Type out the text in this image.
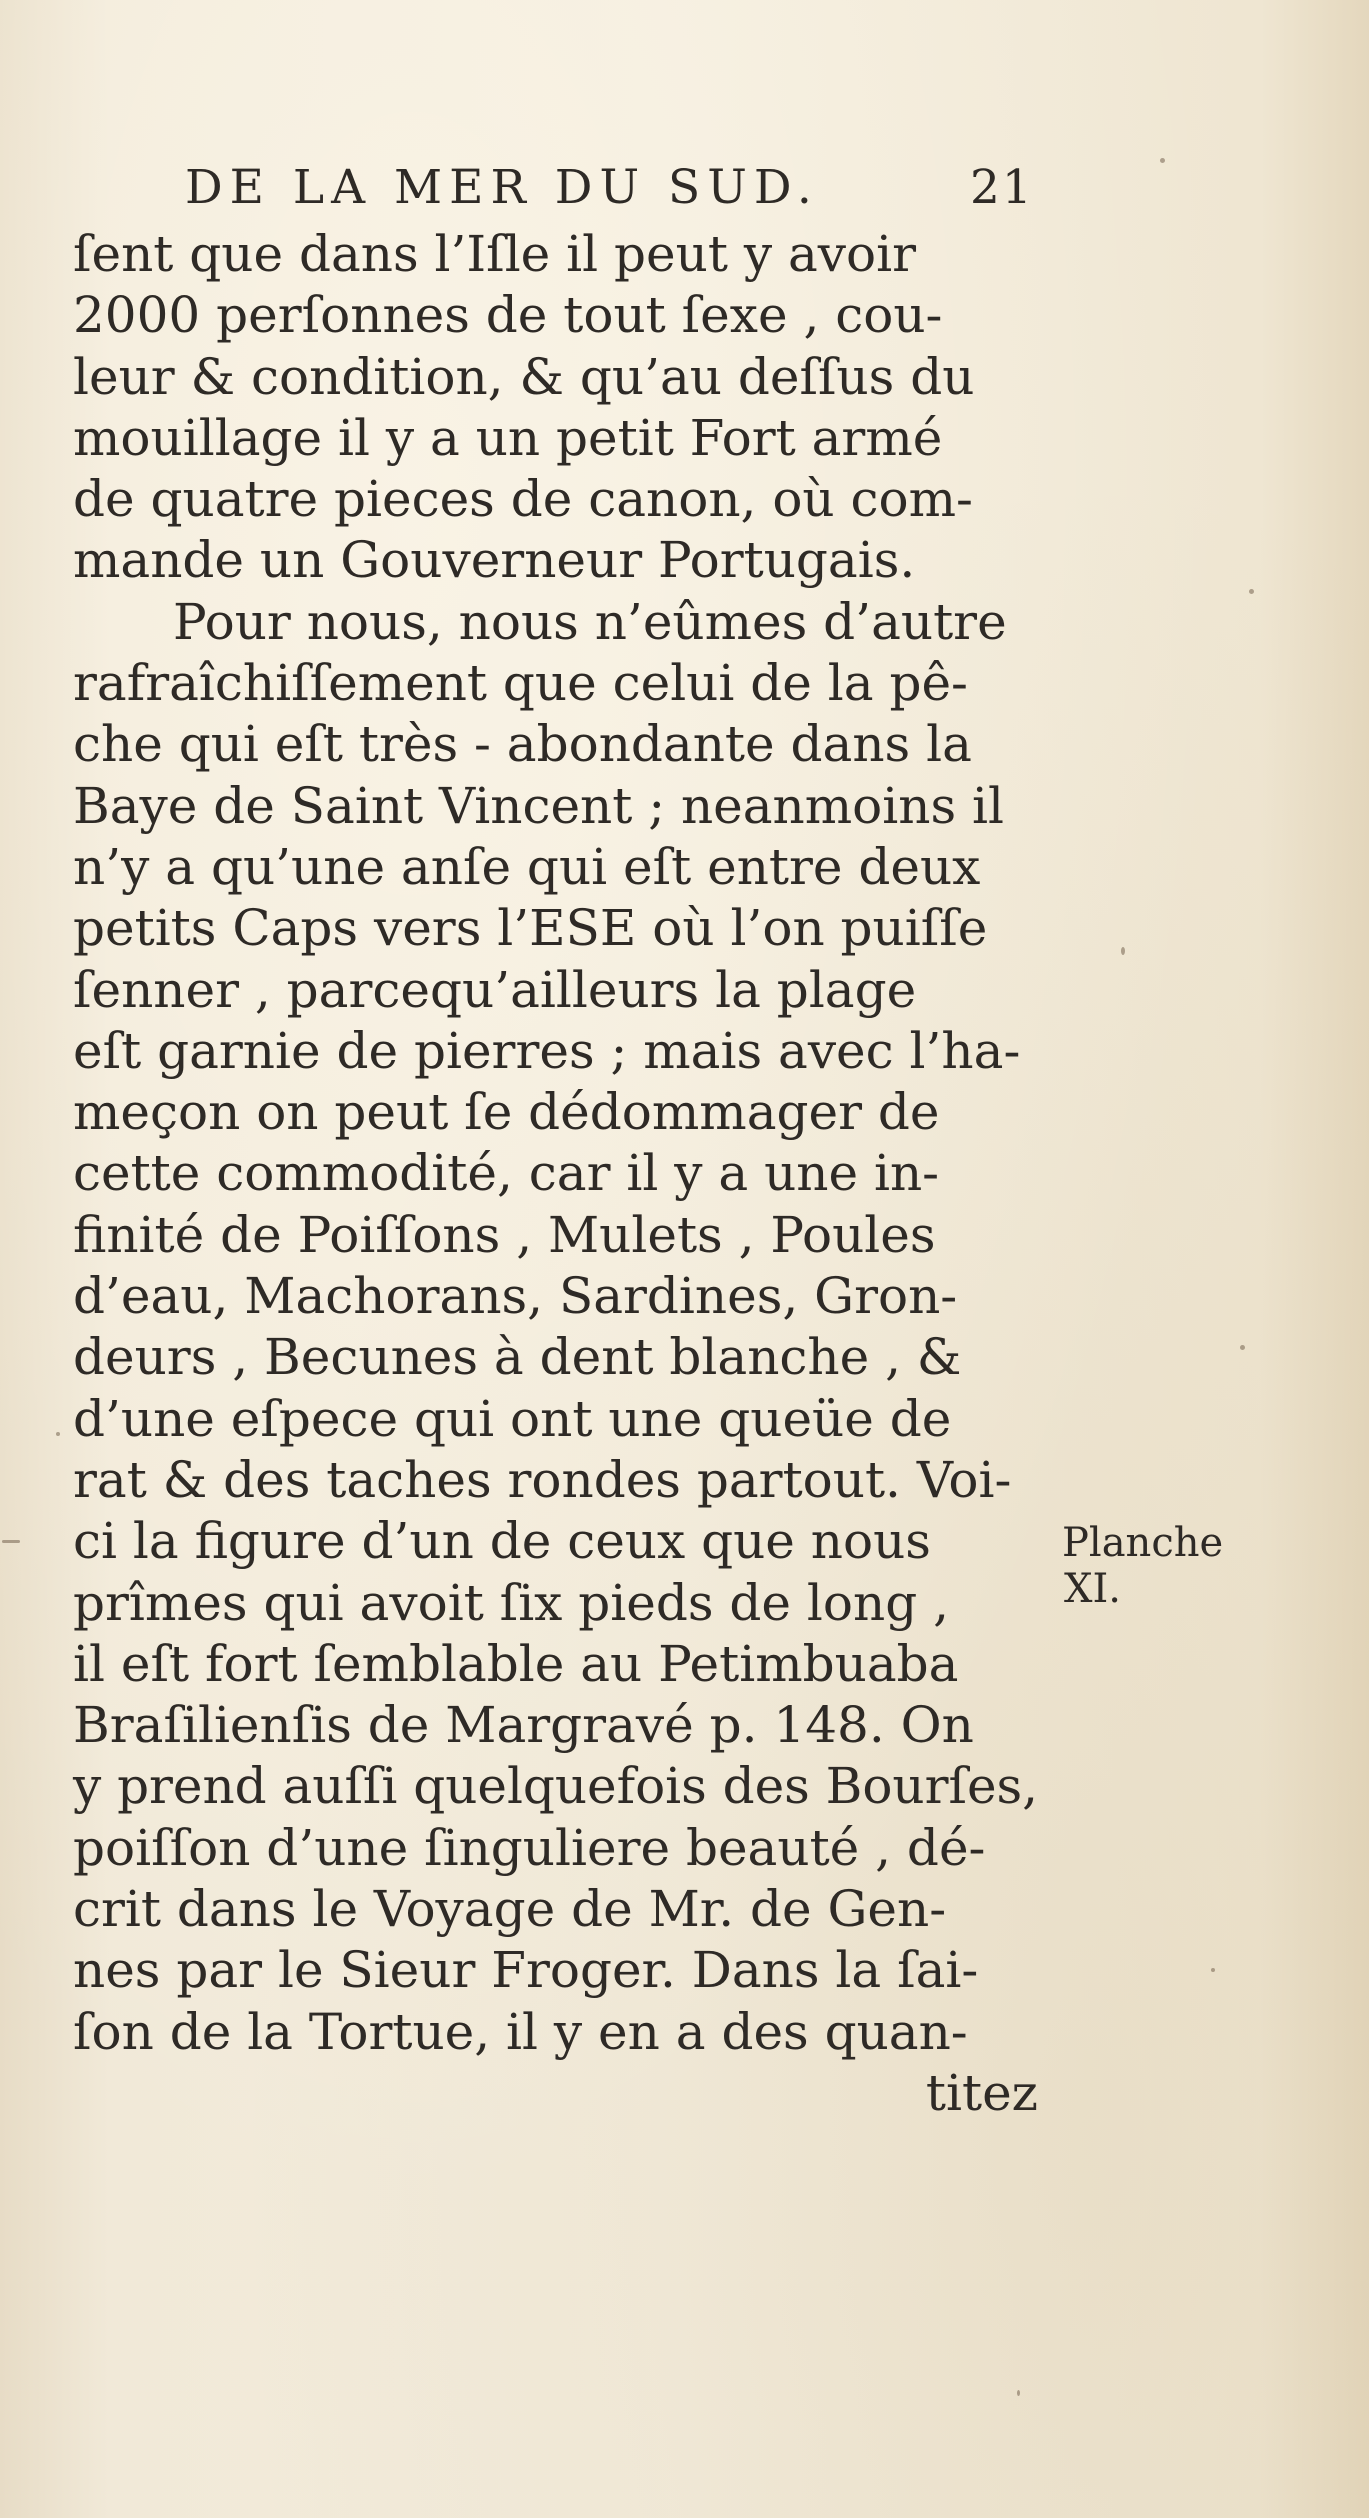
DE LA MER DU SUD.	21
ſent que dans l’Iſle il peut y avoir
2000 perſonnes de tout ſexe , cou-
leur & condition, & qu’au deſſus du
mouillage il y a un petit Fort armé
de quatre pieces de canon, où com-
mande un Gouverneur Portugais.
Pour nous, nous n’eûmes d’autre
rafraîchiſſement que celui de la pê-
che qui eſt très - abondante dans la
Baye de Saint Vincent ; neanmoins il
n’y a qu’une anſe qui eſt entre deux
petits Caps vers l’ESE où l’on puiſſe
ſenner , parcequ’ailleurs la plage
eſt garnie de pierres ; mais avec l’ha-
meçon on peut ſe dédommager de
cette commodité, car il y a une in-
finité de Poiſſons , Mulets , Poules
d’eau, Machorans, Sardines, Gron-
deurs , Becunes à dent blanche , &
d’une eſpece qui ont une queüe de
rat & des taches rondes partout. Voi-
ci la figure d’un de ceux que nous
prîmes qui avoit ſix pieds de long ,
il eſt fort ſemblable au Petimbuaba
Braſilienſis de Margravé p. 148. On
y prend auſſi quelquefois des Bourſes,
poiſſon d’une ſinguliere beauté , dé-
crit dans le Voyage de Mr. de Gen-
nes par le Sieur Froger. Dans la ſai-
ſon de la Tortue, il y en a des quan-
titez
Planche
XI.
